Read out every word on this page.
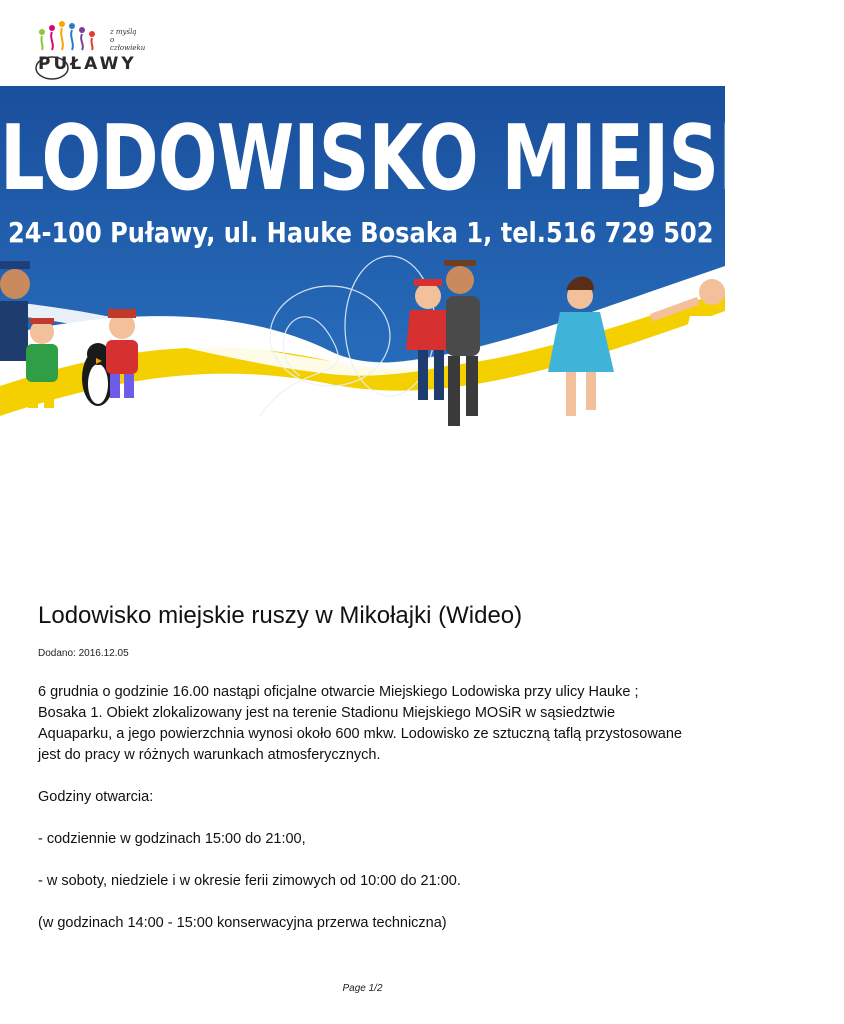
z myślą
o człowieku
PUŁAWY
LODOWISKO MIEJSKIE
24-100 Puławy, ul. Hauke Bosaka 1, tel.516 729 502
Lodowisko miejskie ruszy w Mikołajki (Wideo)
Dodano: 2016.12.05

6 grudnia o godzinie 16.00 nastąpi oficjalne otwarcie Miejskiego Lodowiska przy ulicy Hauke ; Bosaka 1. Obiekt zlokalizowany jest na terenie Stadionu Miejskiego MOSiR w sąsiedztwie Aquaparku, a jego powierzchnia wynosi około 600 mkw. Lodowisko ze sztuczną taflą przystosowane jest do pracy w różnych warunkach atmosferycznych.

Godziny otwarcia:

- codziennie w godzinach 15:00 do 21:00,

- w soboty, niedziele i w okresie ferii zimowych od 10:00 do 21:00.

(w godzinach 14:00 - 15:00 konserwacyjna przerwa techniczna)

Page 1/2
